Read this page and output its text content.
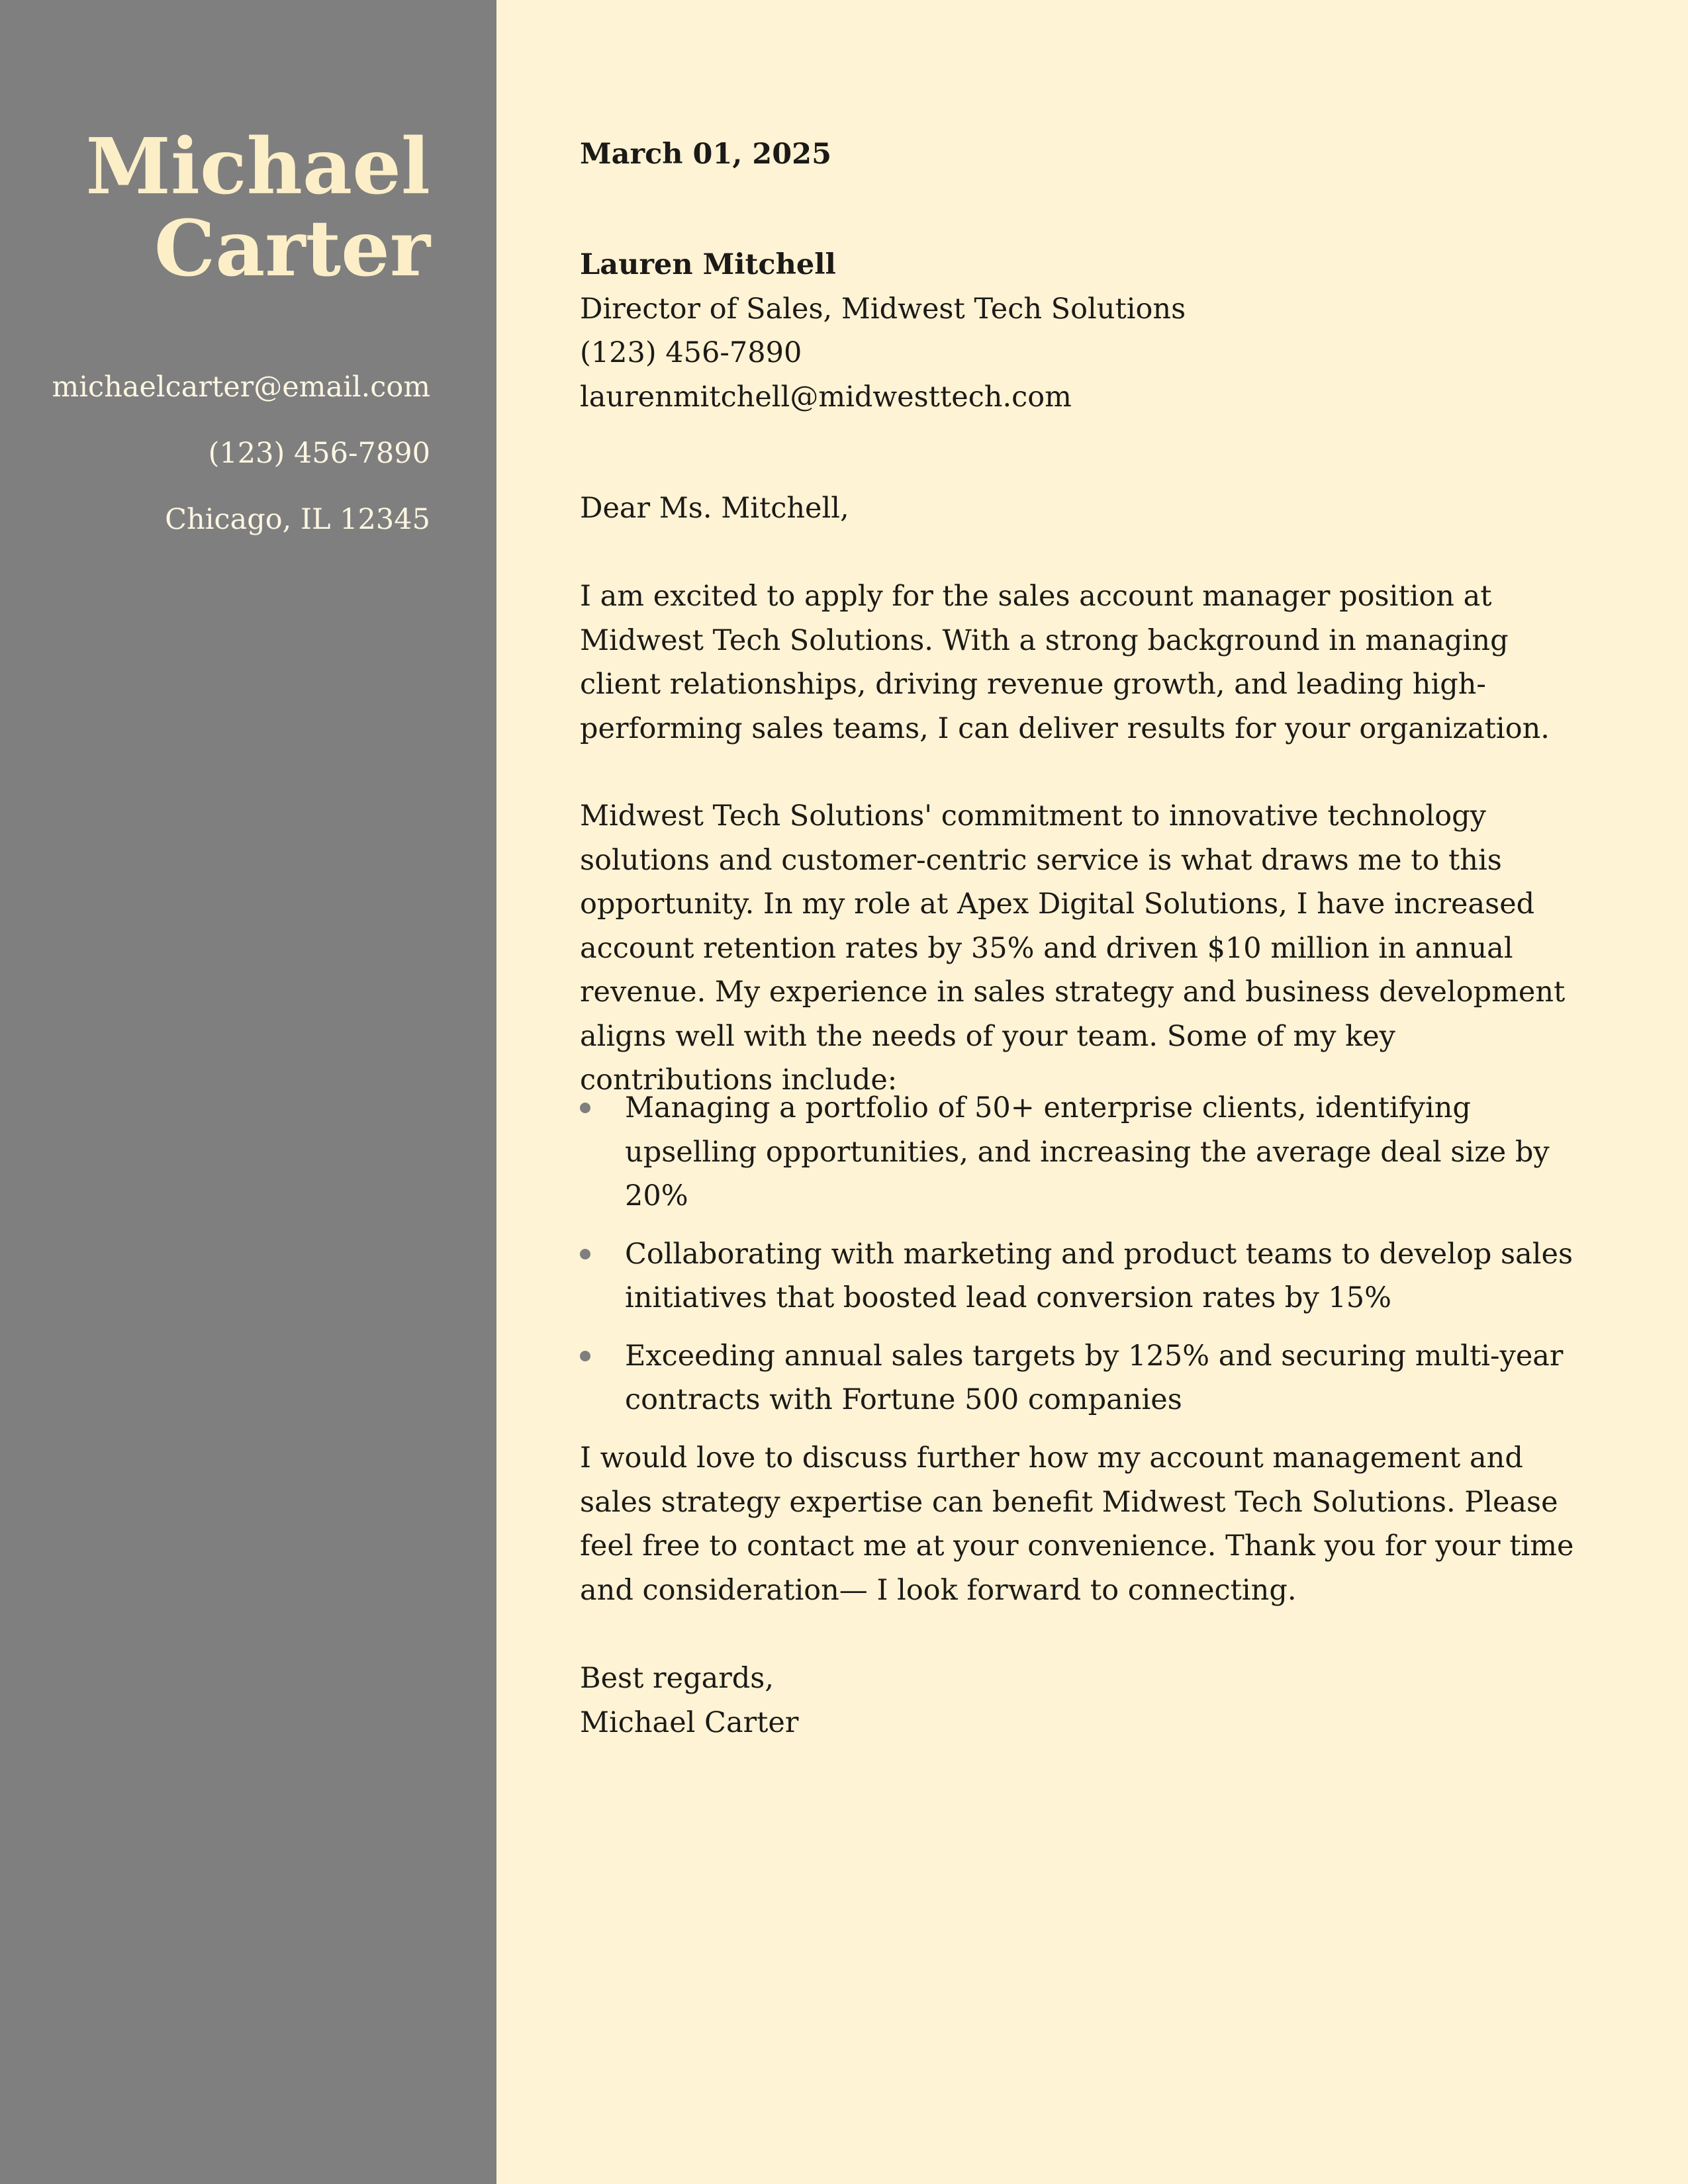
Michael
Carter
michaelcarter@email.com
(123) 456-7890
Chicago, IL 12345
March 01, 2025
Lauren Mitchell
Director of Sales, Midwest Tech Solutions
(123) 456-7890
laurenmitchell@midwesttech.com
Dear Ms. Mitchell,

I am excited to apply for the sales account manager position at Midwest Tech Solutions. With a strong background in managing client relationships, driving revenue growth, and leading high-performing sales teams, I can deliver results for your organization.

Midwest Tech Solutions' commitment to innovative technology solutions and customer-centric service is what draws me to this opportunity. In my role at Apex Digital Solutions, I have increased account retention rates by 35% and driven $10 million in annual revenue. My experience in sales strategy and business development aligns well with the needs of your team. Some of my key contributions include:

Managing a portfolio of 50+ enterprise clients, identifying upselling opportunities, and increasing the average deal size by 20%
Collaborating with marketing and product teams to develop sales initiatives that boosted lead conversion rates by 15%
Exceeding annual sales targets by 125% and securing multi-year contracts with Fortune 500 companies

I would love to discuss further how my account management and sales strategy expertise can benefit Midwest Tech Solutions. Please feel free to contact me at your convenience. Thank you for your time and consideration— I look forward to connecting.

Best regards,
Michael Carter
